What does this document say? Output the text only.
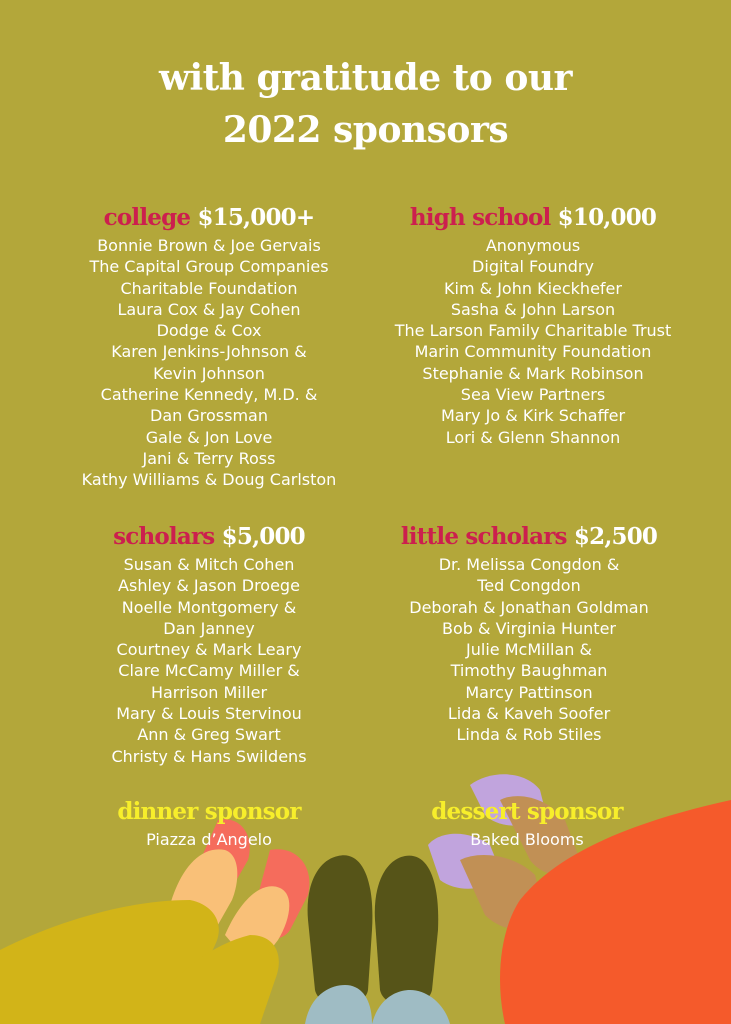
with gratitude to our
2022 sponsors
college $15,000+
Bonnie Brown & Joe Gervais
The Capital Group Companies
Charitable Foundation
Laura Cox & Jay Cohen
Dodge & Cox
Karen Jenkins-Johnson &
Kevin Johnson
Catherine Kennedy, M.D. &
Dan Grossman
Gale & Jon Love
Jani & Terry Ross
Kathy Williams & Doug Carlston
high school $10,000
Anonymous
Digital Foundry
Kim & John Kieckhefer
Sasha & John Larson
The Larson Family Charitable Trust
Marin Community Foundation
Stephanie & Mark Robinson
Sea View Partners
Mary Jo & Kirk Schaffer
Lori & Glenn Shannon
scholars $5,000
Susan & Mitch Cohen
Ashley & Jason Droege
Noelle Montgomery &
Dan Janney
Courtney & Mark Leary
Clare McCamy Miller &
Harrison Miller
Mary & Louis Stervinou
Ann & Greg Swart
Christy & Hans Swildens
little scholars $2,500
Dr. Melissa Congdon &
Ted Congdon
Deborah & Jonathan Goldman
Bob & Virginia Hunter
Julie McMillan &
Timothy Baughman
Marcy Pattinson
Lida & Kaveh Soofer
Linda & Rob Stiles
dinner sponsor
Piazza d’Angelo
dessert sponsor
Baked Blooms
